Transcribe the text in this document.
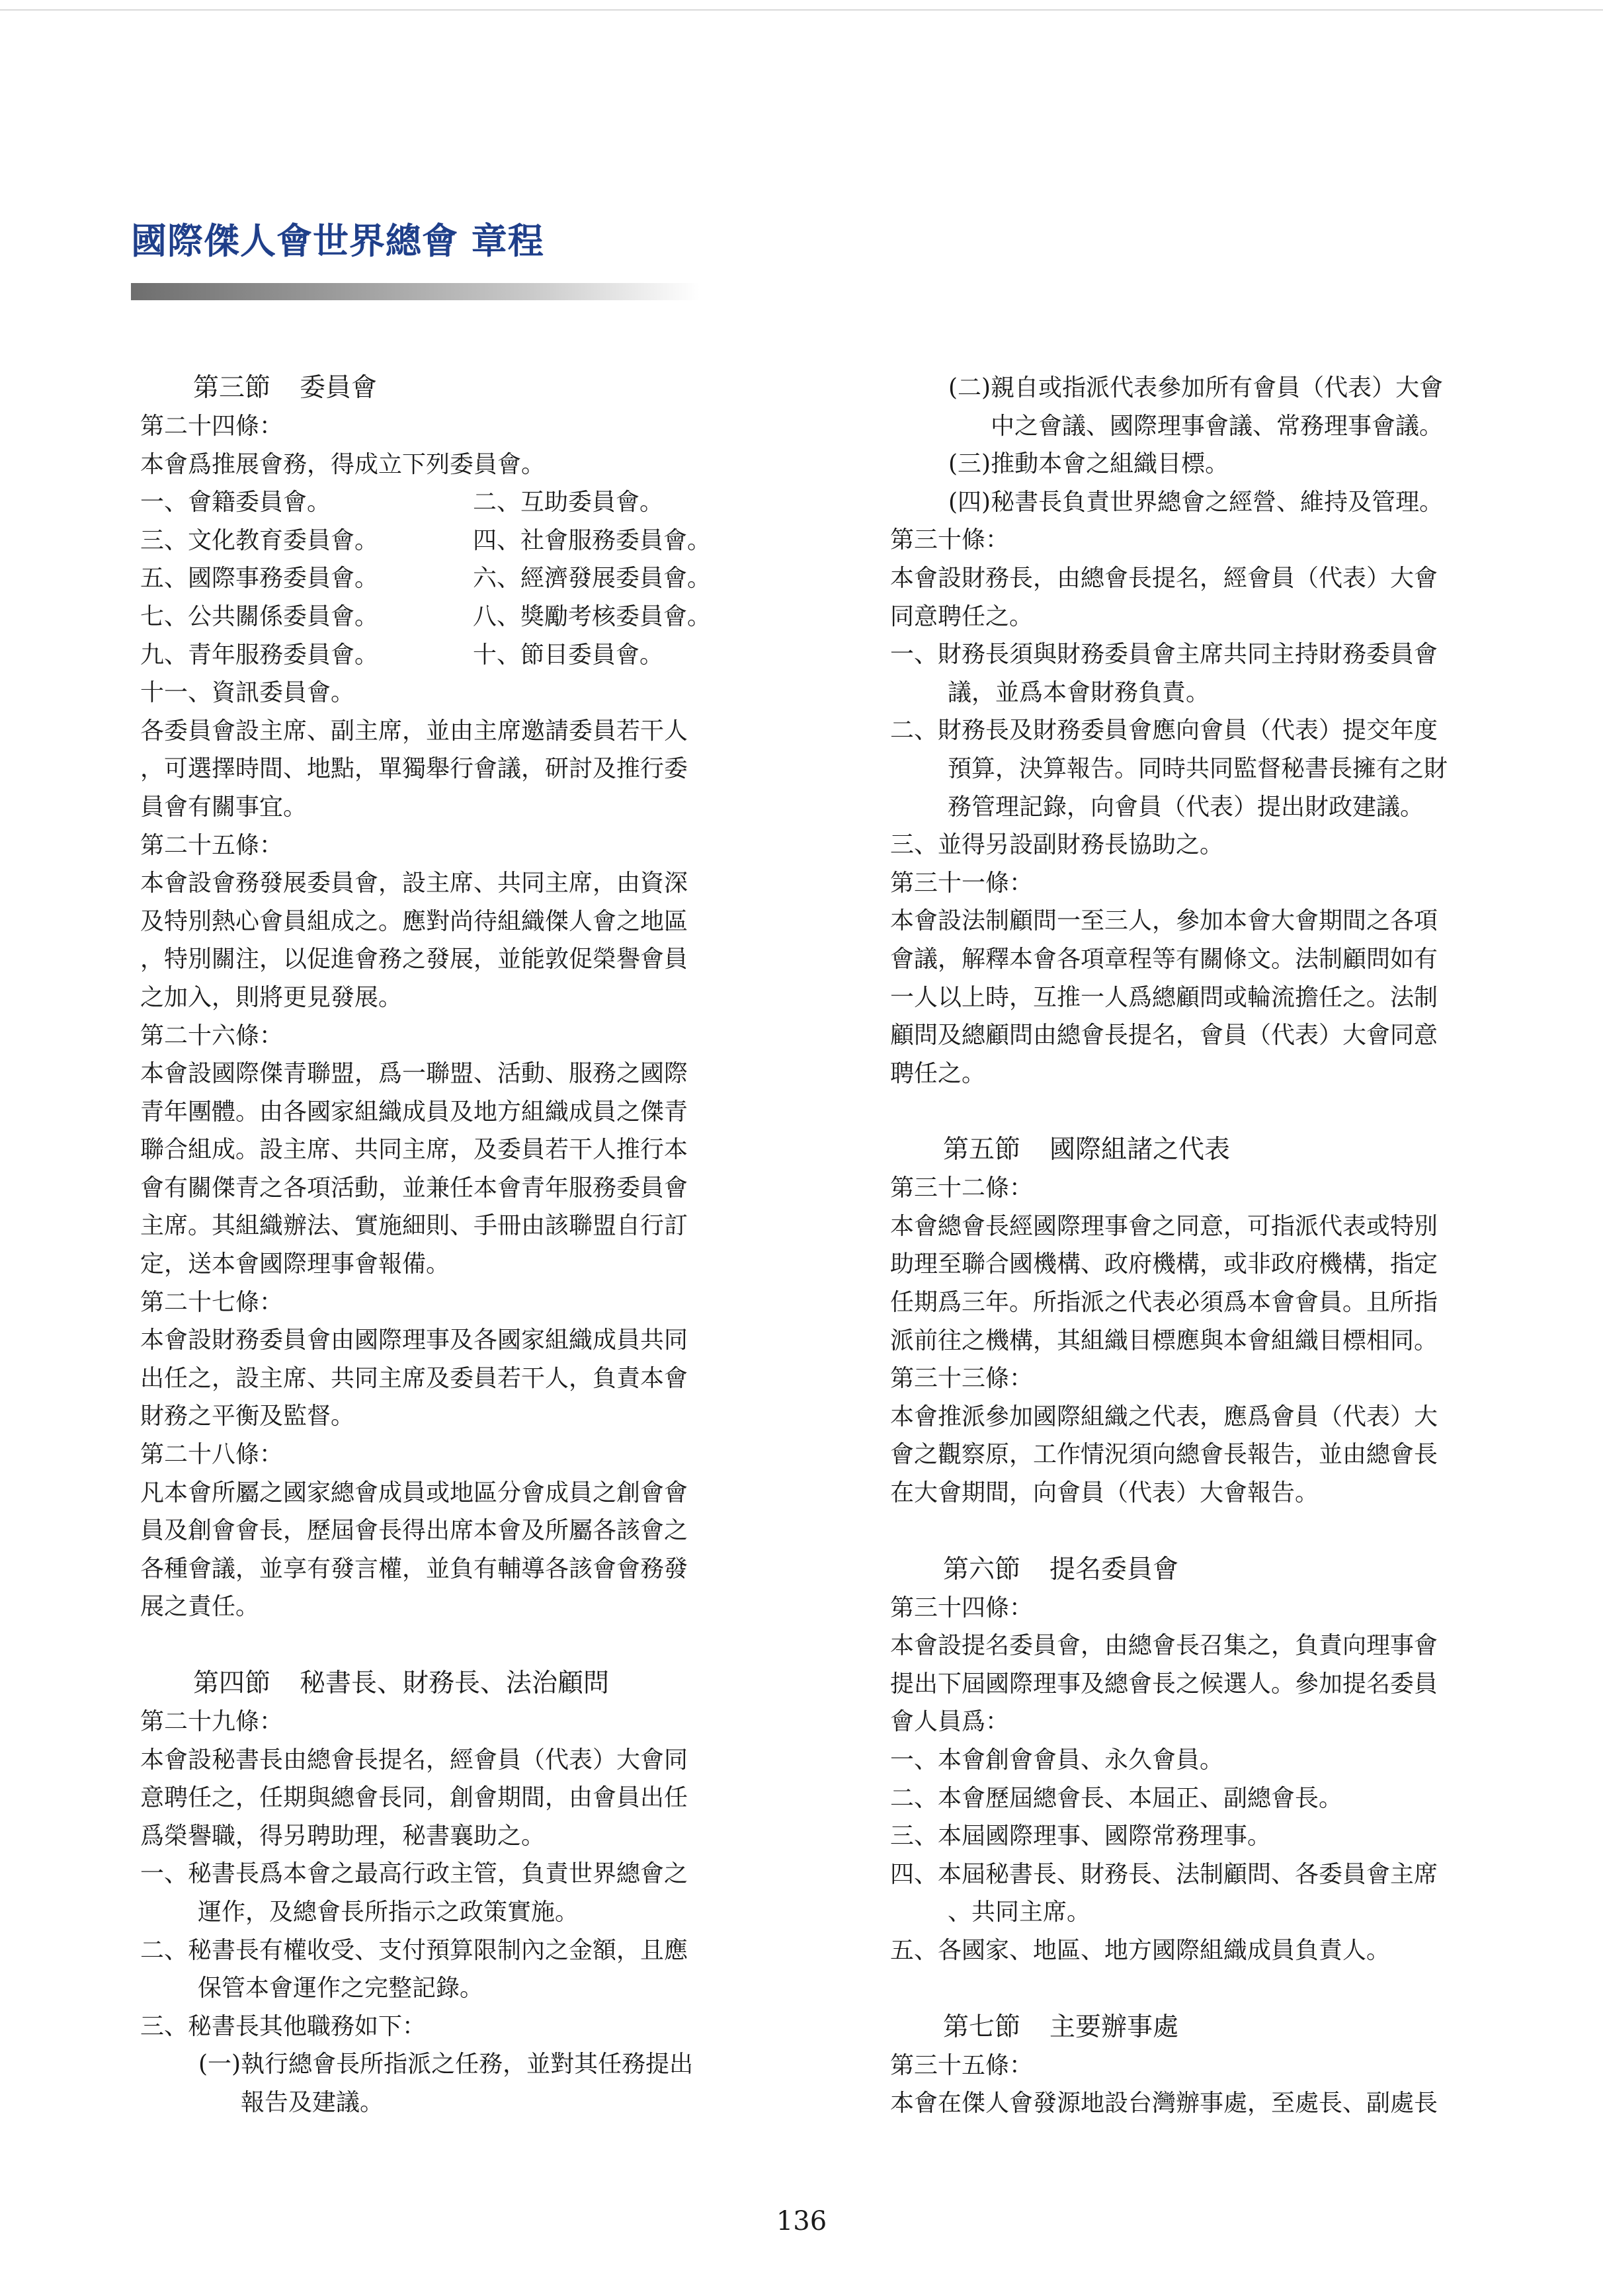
國際傑人會世界總會 章程
第三節 委員會
第二十四條：
本會爲推展會務，得成立下列委員會。
一、會籍委員會。	二、互助委員會。
三、文化教育委員會。	四、社會服務委員會。
五、國際事務委員會。	六、經濟發展委員會。
七、公共關係委員會。	八、獎勵考核委員會。
九、青年服務委員會。	十、節目委員會。
十一、資訊委員會。
各委員會設主席、副主席，並由主席邀請委員若干人
，可選擇時間、地點，單獨舉行會議，研討及推行委
員會有關事宜。
第二十五條：
本會設會務發展委員會，設主席、共同主席，由資深
及特別熱心會員組成之。應對尚待組織傑人會之地區
，特別關注，以促進會務之發展，並能敦促榮譽會員
之加入，則將更見發展。
第二十六條：
本會設國際傑青聯盟，爲一聯盟、活動、服務之國際
青年團體。由各國家組織成員及地方組織成員之傑青
聯合組成。設主席、共同主席，及委員若干人推行本
會有關傑青之各項活動，並兼任本會青年服務委員會
主席。其組織辦法、實施細則、手冊由該聯盟自行訂
定，送本會國際理事會報備。
第二十七條：
本會設財務委員會由國際理事及各國家組織成員共同
出任之，設主席、共同主席及委員若干人，負責本會
財務之平衡及監督。
第二十八條：
凡本會所屬之國家總會成員或地區分會成員之創會會
員及創會會長，歷屆會長得出席本會及所屬各該會之
各種會議，並享有發言權，並負有輔導各該會會務發
展之責任。
第四節 秘書長、財務長、法治顧問
第二十九條：
本會設秘書長由總會長提名，經會員（代表）大會同
意聘任之，任期與總會長同，創會期間，由會員出任
爲榮譽職，得另聘助理，秘書襄助之。
一、秘書長爲本會之最高行政主管，負責世界總會之
運作，及總會長所指示之政策實施。
二、秘書長有權收受、支付預算限制內之金額，且應
保管本會運作之完整記錄。
三、秘書長其他職務如下：
(一)執行總會長所指派之任務，並對其任務提出
報告及建議。
(二)親自或指派代表參加所有會員（代表）大會
中之會議、國際理事會議、常務理事會議。
(三)推動本會之組織目標。
(四)秘書長負責世界總會之經營、維持及管理。
第三十條：
本會設財務長，由總會長提名，經會員（代表）大會
同意聘任之。
一、財務長須與財務委員會主席共同主持財務委員會
議，並爲本會財務負責。
二、財務長及財務委員會應向會員（代表）提交年度
預算，決算報告。同時共同監督秘書長擁有之財
務管理記錄，向會員（代表）提出財政建議。
三、並得另設副財務長協助之。
第三十一條：
本會設法制顧問一至三人，參加本會大會期間之各項
會議，解釋本會各項章程等有關條文。法制顧問如有
一人以上時，互推一人爲總顧問或輪流擔任之。法制
顧問及總顧問由總會長提名，會員（代表）大會同意
聘任之。
第五節 國際組諸之代表
第三十二條：
本會總會長經國際理事會之同意，可指派代表或特別
助理至聯合國機構、政府機構，或非政府機構，指定
任期爲三年。所指派之代表必須爲本會會員。且所指
派前往之機構，其組織目標應與本會組織目標相同。
第三十三條：
本會推派參加國際組織之代表，應爲會員（代表）大
會之觀察原，工作情況須向總會長報告，並由總會長
在大會期間，向會員（代表）大會報告。
第六節 提名委員會
第三十四條：
本會設提名委員會，由總會長召集之，負責向理事會
提出下屆國際理事及總會長之候選人。參加提名委員
會人員爲：
一、本會創會會員、永久會員。
二、本會歷屆總會長、本屆正、副總會長。
三、本屆國際理事、國際常務理事。
四、本屆秘書長、財務長、法制顧問、各委員會主席
、共同主席。
五、各國家、地區、地方國際組織成員負責人。
第七節 主要辦事處
第三十五條：
本會在傑人會發源地設台灣辦事處，至處長、副處長
136
